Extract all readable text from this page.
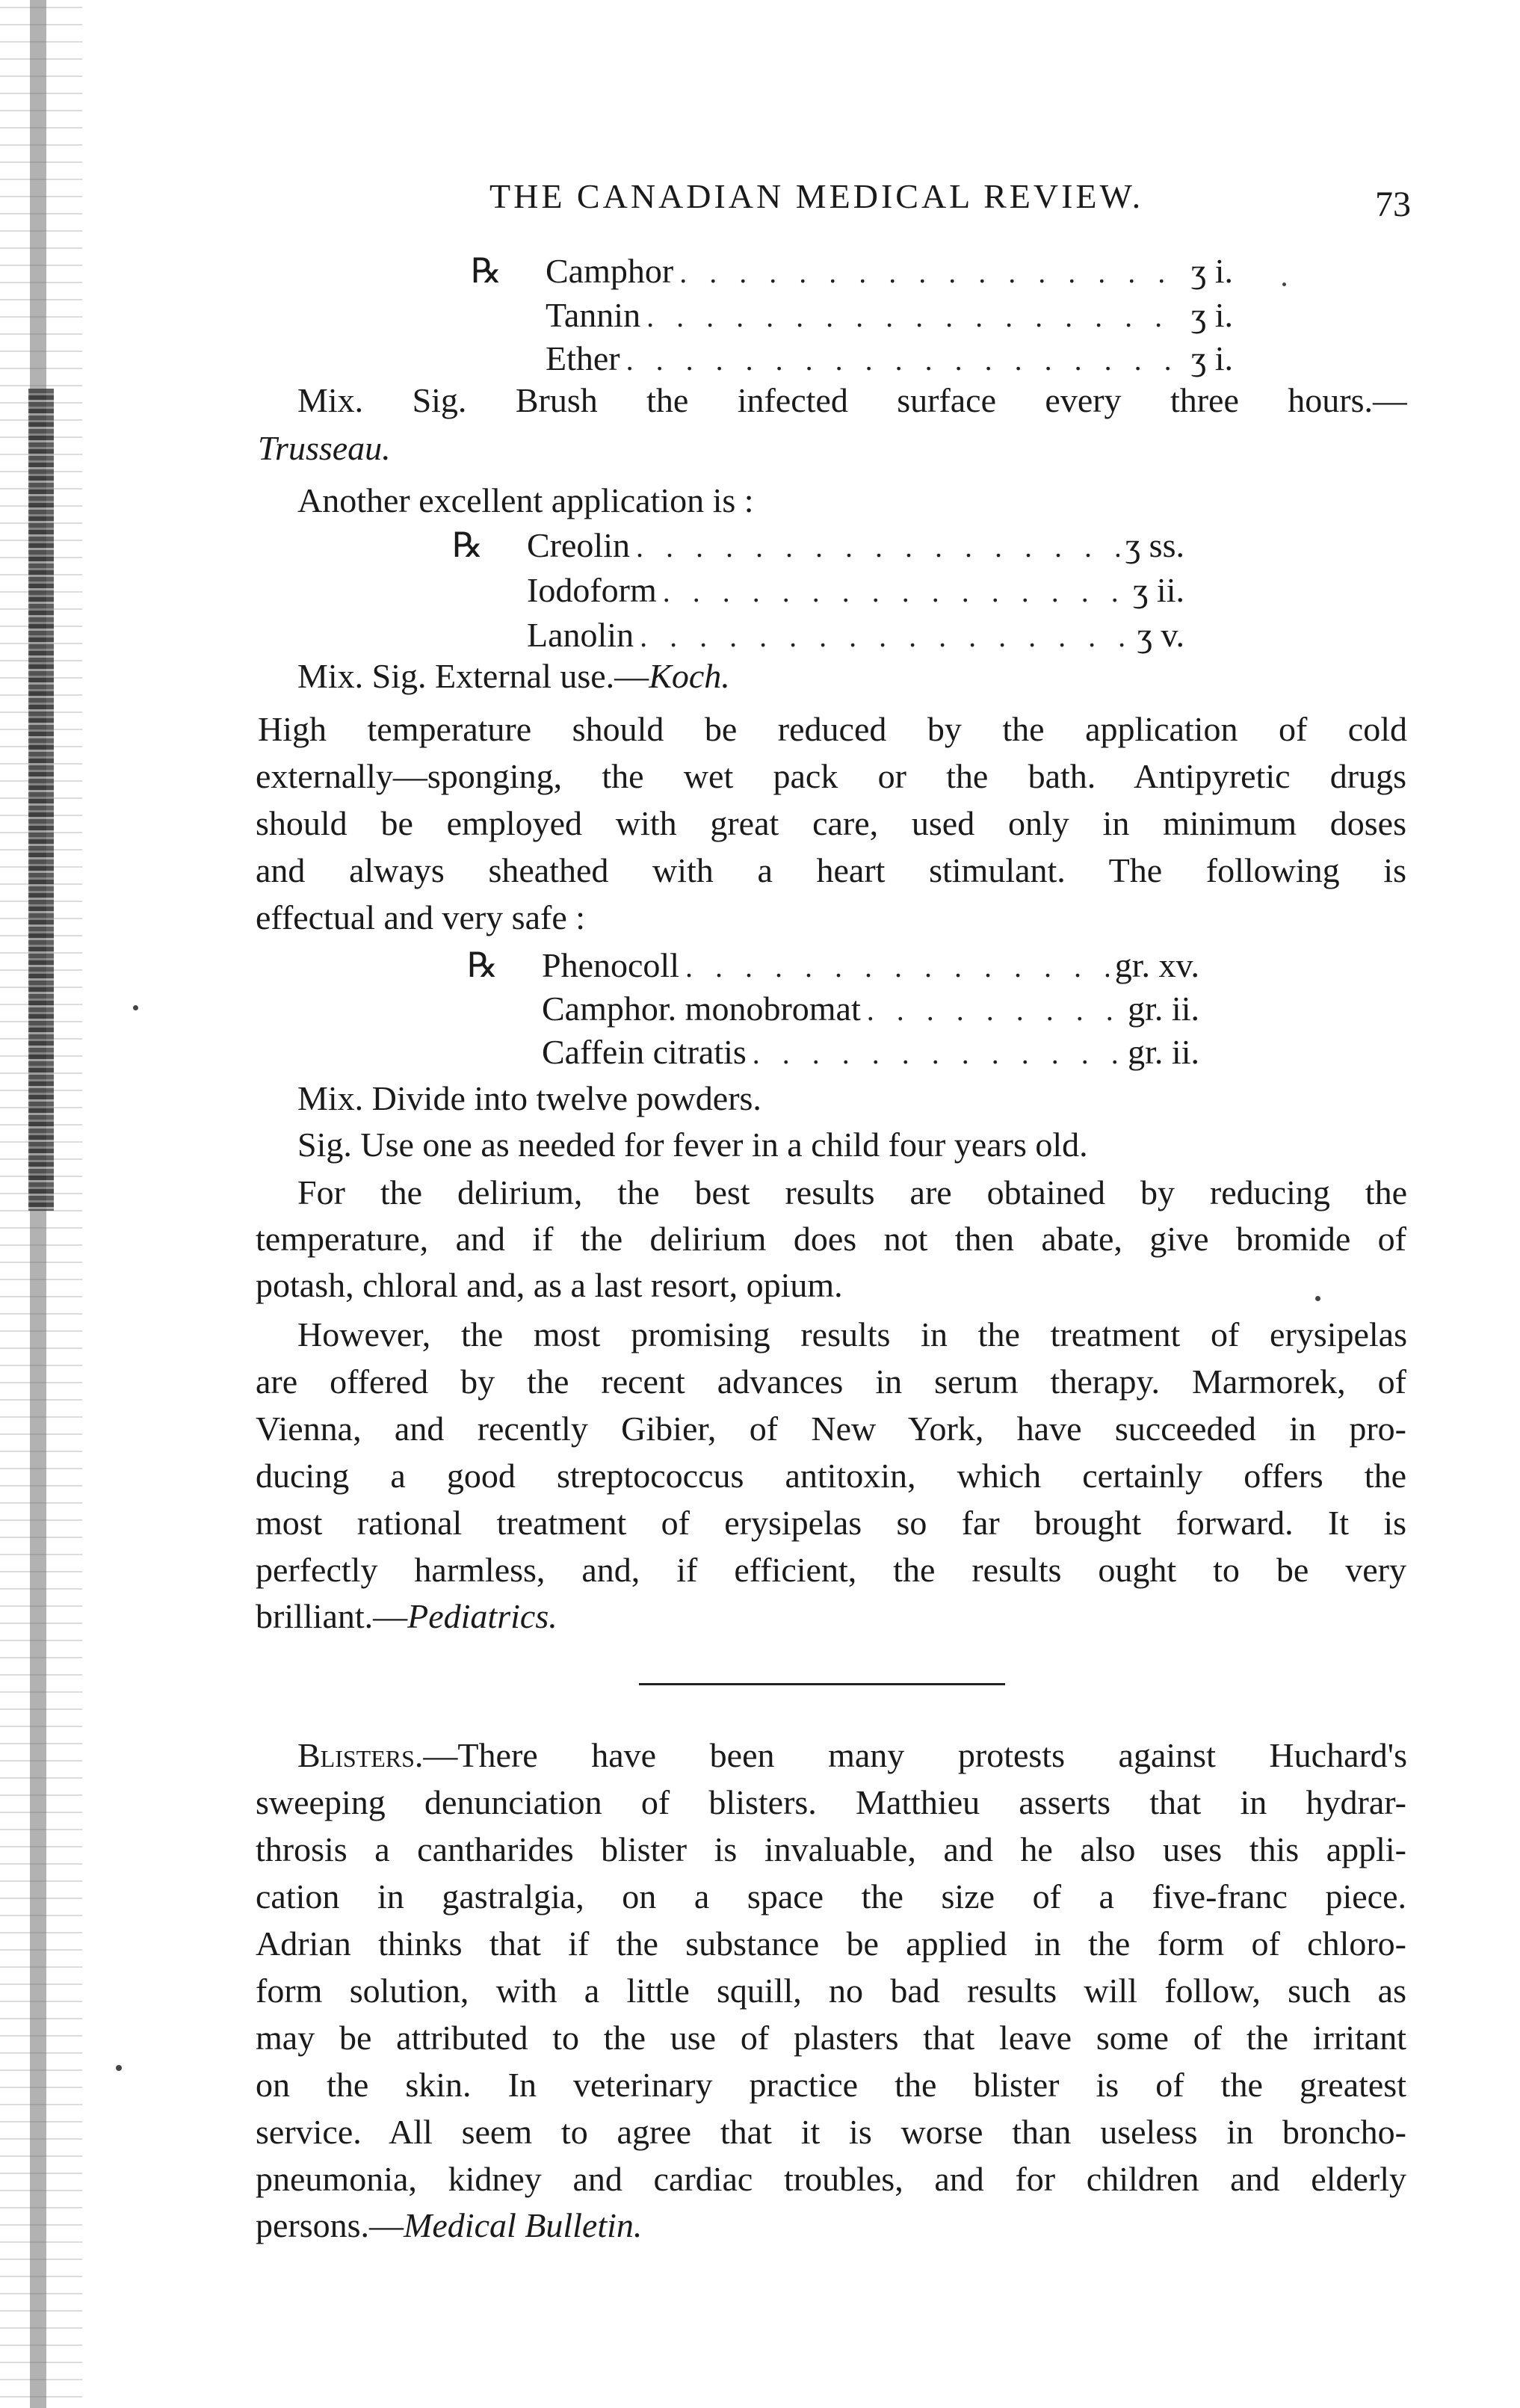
THE CANADIAN MEDICAL REVIEW.	73
℞ Camphor . . .	ʒ i.
Tannin . . .	ʒ i.
Ether . . .	ʒ i.
Mix. Sig. Brush the infected surface every three hours.—
Trusseau.
Another excellent application is :
℞ Creolin . . .	ʒ ss.
Iodoform . . .	ʒ ii.
Lanolin . . .	ʒ v.
Mix. Sig. External use.—Koch.
High temperature should be reduced by the application of cold
externally—sponging, the wet pack or the bath. Antipyretic drugs
should be employed with great care, used only in minimum doses
and always sheathed with a heart stimulant. The following is
effectual and very safe :
℞ Phenocoll . . .	gr. xv.
Camphor. monobromat . . .	gr. ii.
Caffein citratis . . .	gr. ii.
Mix. Divide into twelve powders.
Sig. Use one as needed for fever in a child four years old.
For the delirium, the best results are obtained by reducing the
temperature, and if the delirium does not then abate, give bromide of
potash, chloral and, as a last resort, opium.
However, the most promising results in the treatment of erysipelas
are offered by the recent advances in serum therapy. Marmorek, of
Vienna, and recently Gibier, of New York, have succeeded in pro-
ducing a good streptococcus antitoxin, which certainly offers the
most rational treatment of erysipelas so far brought forward. It is
perfectly harmless, and, if efficient, the results ought to be very
brilliant.—Pediatrics.
Blisters.—There have been many protests against Huchard's
sweeping denunciation of blisters. Matthieu asserts that in hydrar-
throsis a cantharides blister is invaluable, and he also uses this appli-
cation in gastralgia, on a space the size of a five-franc piece.
Adrian thinks that if the substance be applied in the form of chloro-
form solution, with a little squill, no bad results will follow, such as
may be attributed to the use of plasters that leave some of the irritant
on the skin. In veterinary practice the blister is of the greatest
service. All seem to agree that it is worse than useless in broncho-
pneumonia, kidney and cardiac troubles, and for children and elderly
persons.—Medical Bulletin.
